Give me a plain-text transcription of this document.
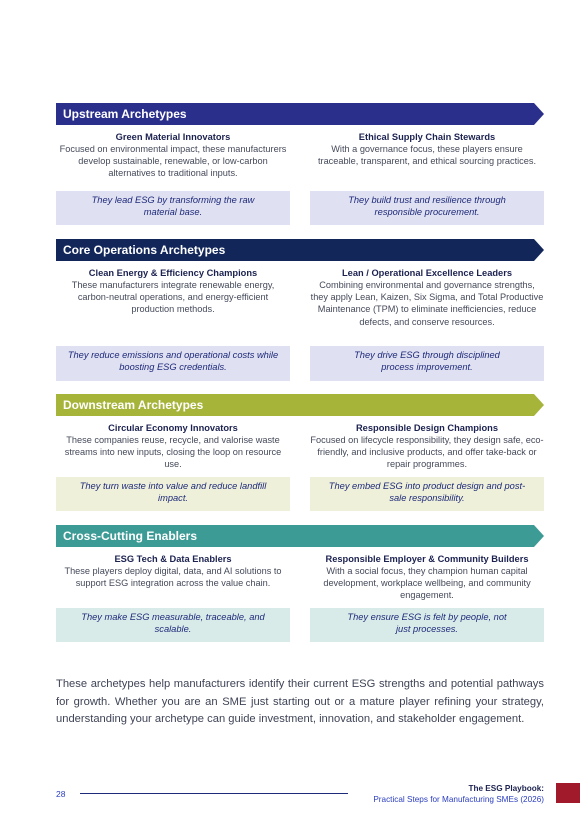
Upstream Archetypes
Green Material Innovators
Focused on environmental impact, these manufacturers develop sustainable, renewable, or low-carbon alternatives to traditional inputs.
Ethical Supply Chain Stewards
With a governance focus, these players ensure traceable, transparent, and ethical sourcing practices.
They lead ESG by transforming the raw material base.
They build trust and resilience through responsible procurement.
Core Operations Archetypes
Clean Energy & Efficiency Champions
These manufacturers integrate renewable energy, carbon-neutral operations, and energy-efficient production methods.
Lean / Operational Excellence Leaders
Combining environmental and governance strengths, they apply Lean, Kaizen, Six Sigma, and Total Productive Maintenance (TPM) to eliminate inefficiencies, reduce defects, and conserve resources.
They reduce emissions and operational costs while boosting ESG credentials.
They drive ESG through disciplined process improvement.
Downstream Archetypes
Circular Economy Innovators
These companies reuse, recycle, and valorise waste streams into new inputs, closing the loop on resource use.
Responsible Design Champions
Focused on lifecycle responsibility, they design safe, eco-friendly, and inclusive products, and offer take-back or repair programmes.
They turn waste into value and reduce landfill impact.
They embed ESG into product design and post-sale responsibility.
Cross-Cutting Enablers
ESG Tech & Data Enablers
These players deploy digital, data, and AI solutions to support ESG integration across the value chain.
Responsible Employer & Community Builders
With a social focus, they champion human capital development, workplace wellbeing, and community engagement.
They make ESG measurable, traceable, and scalable.
They ensure ESG is felt by people, not just processes.
These archetypes help manufacturers identify their current ESG strengths and potential pathways for growth. Whether you are an SME just starting out or a mature player refining your strategy, understanding your archetype can guide investment, innovation, and stakeholder engagement.
28
The ESG Playbook:
Practical Steps for Manufacturing SMEs (2026)
